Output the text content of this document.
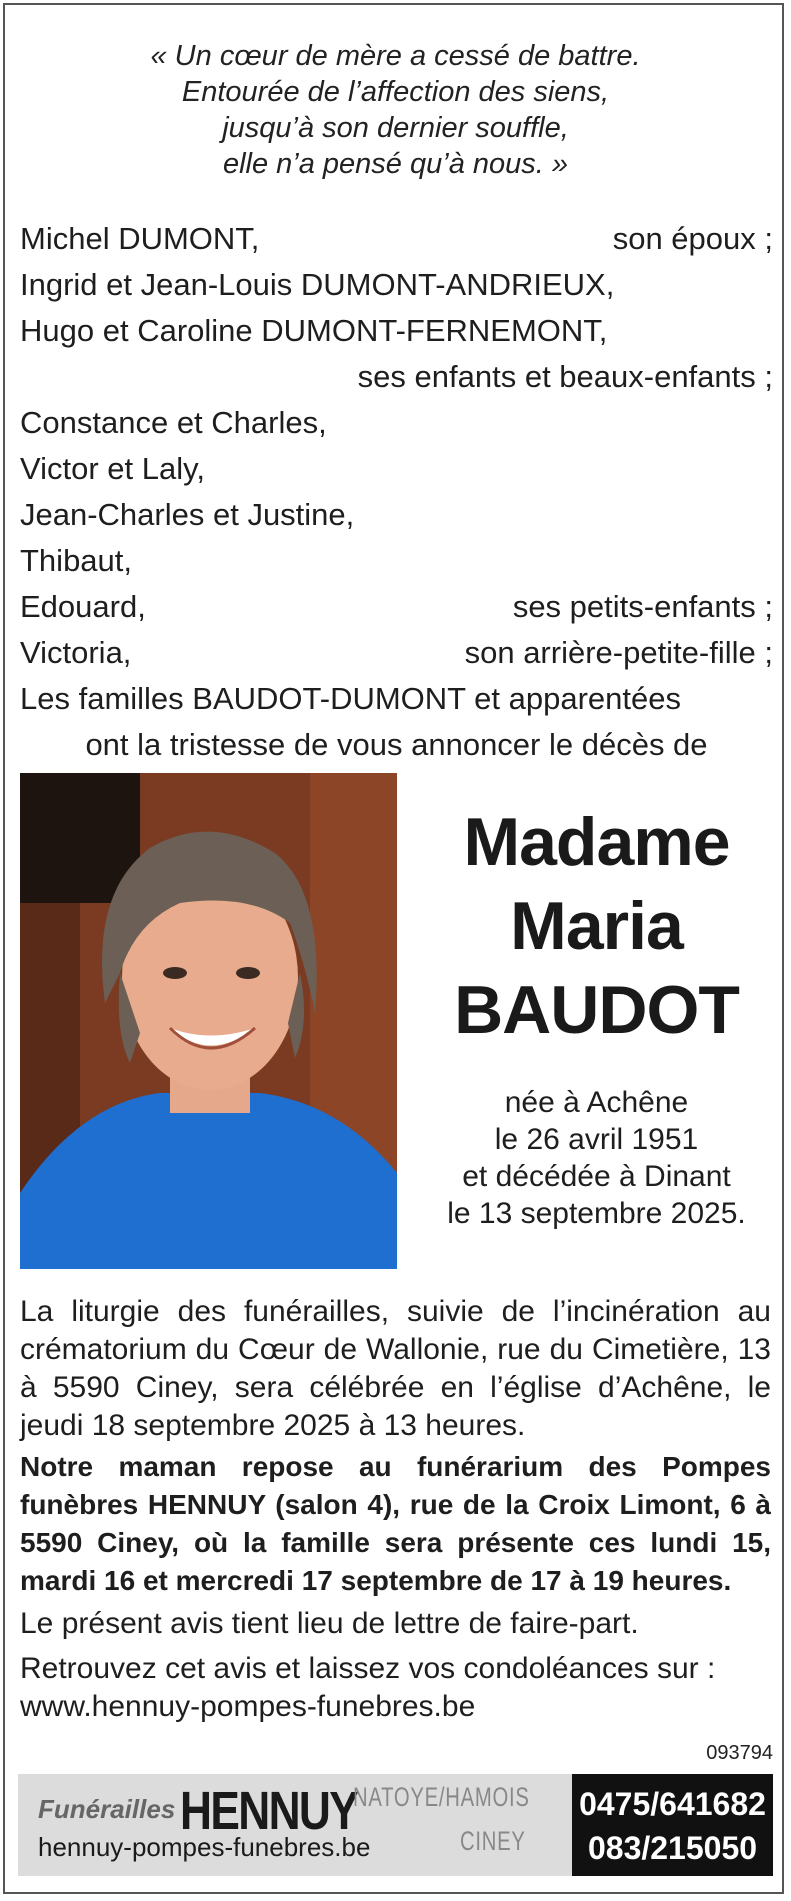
« Un cœur de mère a cessé de battre.
Entourée de l’affection des siens,
jusqu’à son dernier souffle,
elle n’a pensé qu’à nous. »
Michel DUMONT,	son époux ;
Ingrid et Jean-Louis DUMONT-ANDRIEUX,
Hugo et Caroline DUMONT-FERNEMONT,
ses enfants et beaux-enfants ;
Constance et Charles,
Victor et Laly,
Jean-Charles et Justine,
Thibaut,
Edouard,	ses petits-enfants ;
Victoria,	son arrière-petite-fille ;
Les familles BAUDOT-DUMONT et apparentées
ont la tristesse de vous annoncer le décès de
Madame
Maria
BAUDOT
née à Achêne
le 26 avril 1951
et décédée à Dinant
le 13 septembre 2025.
La liturgie des funérailles, suivie de l’incinération au crématorium du Cœur de Wallonie, rue du Cimetière, 13 à 5590 Ciney, sera célébrée en l’église d’Achêne, le jeudi 18 septembre 2025 à 13 heures.
Notre maman repose au funérarium des Pompes funèbres HENNUY (salon 4), rue de la Croix Limont, 6 à 5590 Ciney, où la famille sera présente ces lundi 15, mardi 16 et mercredi 17 septembre de 17 à 19 heures.
Le présent avis tient lieu de lettre de faire-part.
Retrouvez cet avis et laissez vos condoléances sur : www.hennuy-pompes-funebres.be
093794
Funérailles HENNUY
NATOYE/HAMOIS
CINEY
hennuy-pompes-funebres.be
0475/641682
083/215050
